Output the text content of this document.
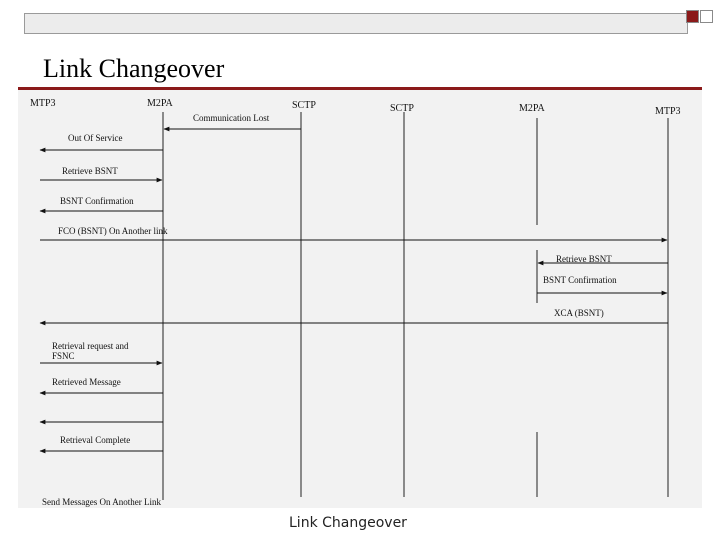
Link Changeover
Link Changeover
MTP3	M2PA	SCTP	SCTP	M2PA	MTP3
Communication Lost
Out Of Service
Retrieve BSNT
BSNT Confirmation
FCO (BSNT) On Another link
Retrieve BSNT
BSNT Confirmation
XCA (BSNT)
Retrieval request and
FSNC
Retrieved Message
Retrieval Complete
Send Messages On Another Link
